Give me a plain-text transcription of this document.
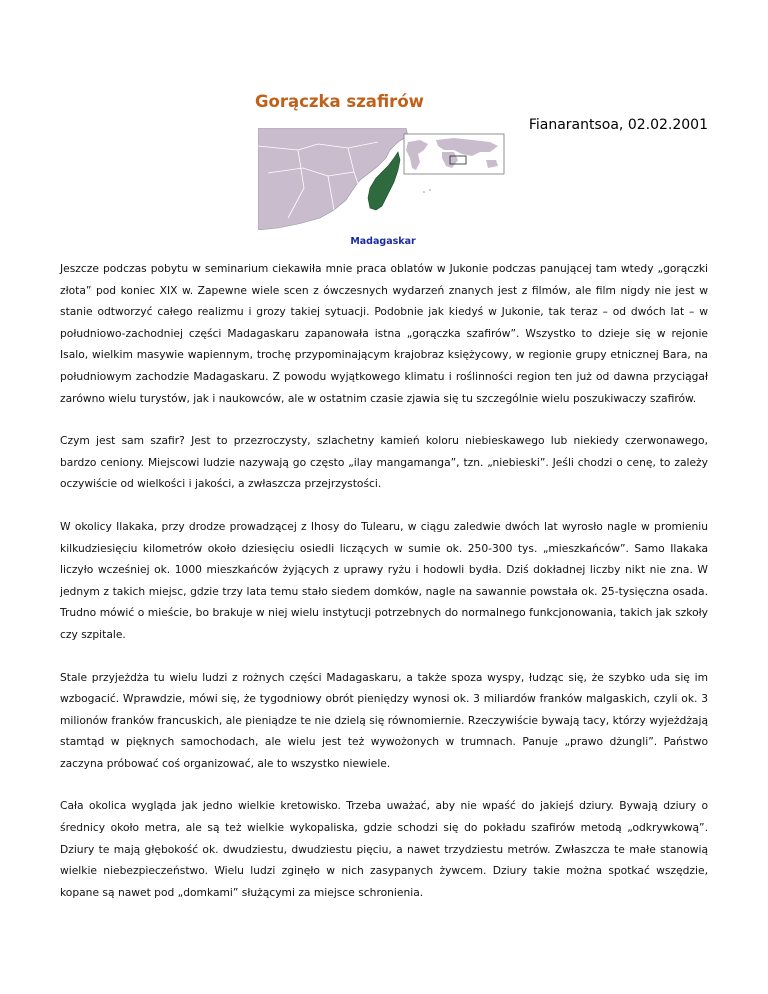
Gorączka szafirów
Fianarantsoa, 02.02.2001
Madagaskar

Jeszcze podczas pobytu w seminarium ciekawiła mnie praca oblatów w Jukonie podczas panującej tam wtedy „gorączki złota” pod koniec XIX w. Zapewne wiele scen z ówczesnych wydarzeń znanych jest z filmów, ale film nigdy nie jest w stanie odtworzyć całego realizmu i grozy takiej sytuacji. Podobnie jak kiedyś w Jukonie, tak teraz – od dwóch lat – w południowo-zachodniej części Madagaskaru zapanowała istna „gorączka szafirów”. Wszystko to dzieje się w rejonie Isalo, wielkim masywie wapiennym, trochę przypominającym krajobraz księżycowy, w regionie grupy etnicznej Bara, na południowym zachodzie Madagaskaru. Z powodu wyjątkowego klimatu i roślinności region ten już od dawna przyciągał zarówno wielu turystów, jak i naukowców, ale w ostatnim czasie zjawia się tu szczególnie wielu poszukiwaczy szafirów.

Czym jest sam szafir? Jest to przezroczysty, szlachetny kamień koloru niebieskawego lub niekiedy czerwonawego, bardzo ceniony. Miejscowi ludzie nazywają go często „ilay mangamanga”, tzn. „niebieski”. Jeśli chodzi o cenę, to zależy oczywiście od wielkości i jakości, a zwłaszcza przejrzystości.

W okolicy Ilakaka, przy drodze prowadzącej z Ihosy do Tulearu, w ciągu zaledwie dwóch lat wyrosło nagle w promieniu kilkudziesięciu kilometrów około dziesięciu osiedli liczących w sumie ok. 250-300 tys. „mieszkańców”. Samo Ilakaka liczyło wcześniej ok. 1000 mieszkańców żyjących z uprawy ryżu i hodowli bydła. Dziś dokładnej liczby nikt nie zna. W jednym z takich miejsc, gdzie trzy lata temu stało siedem domków, nagle na sawannie powstała ok. 25-tysięczna osada. Trudno mówić o mieście, bo brakuje w niej wielu instytucji potrzebnych do normalnego funkcjonowania, takich jak szkoły czy szpitale.

Stale przyjeżdża tu wielu ludzi z rożnych części Madagaskaru, a także spoza wyspy, łudząc się, że szybko uda się im wzbogacić. Wprawdzie, mówi się, że tygodniowy obrót pieniędzy wynosi ok. 3 miliardów franków malgaskich, czyli ok. 3 milionów franków francuskich, ale pieniądze te nie dzielą się równomiernie. Rzeczywiście bywają tacy, którzy wyjeżdżają stamtąd w pięknych samochodach, ale wielu jest też wywożonych w trumnach. Panuje „prawo dżungli”. Państwo zaczyna próbować coś organizować, ale to wszystko niewiele.

Cała okolica wygląda jak jedno wielkie kretowisko. Trzeba uważać, aby nie wpaść do jakiejś dziury. Bywają dziury o średnicy około metra, ale są też wielkie wykopaliska, gdzie schodzi się do pokładu szafirów metodą „odkrywkową”. Dziury te mają głębokość ok. dwudziestu, dwudziestu pięciu, a nawet trzydziestu metrów. Zwłaszcza te małe stanowią wielkie niebezpieczeństwo. Wielu ludzi zginęło w nich zasypanych żywcem. Dziury takie można spotkać wszędzie, kopane są nawet pod „domkami” służącymi za miejsce schronienia.
